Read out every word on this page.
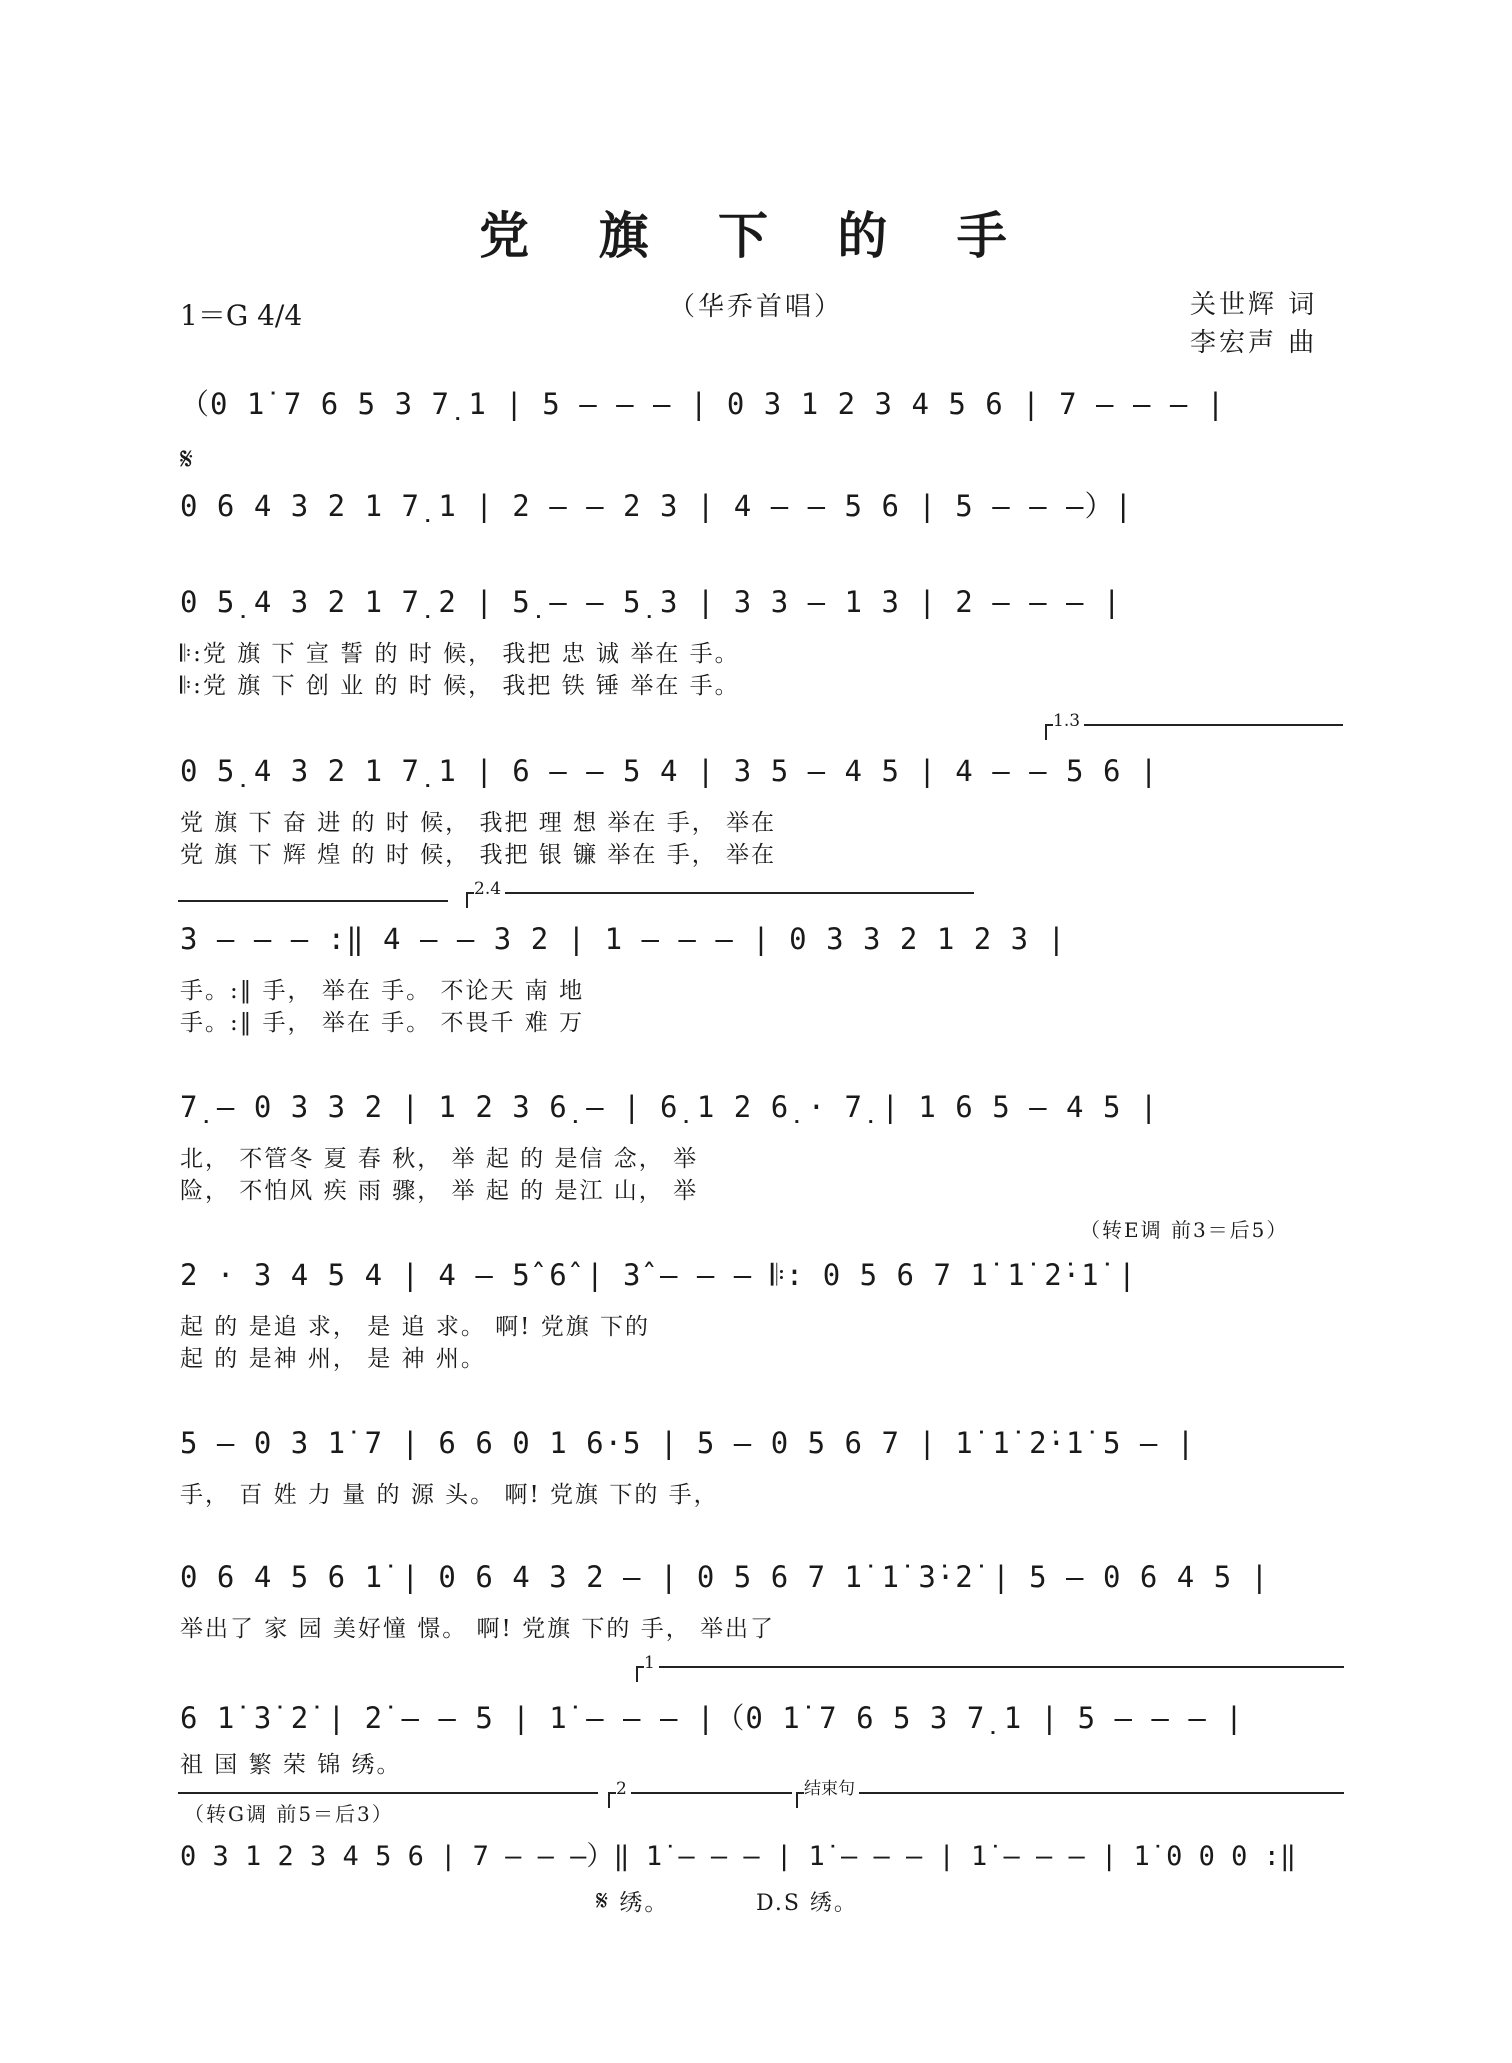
党 旗 下 的 手
（华乔首唱）
1＝G 4/4	关世辉 词
李宏声 曲
（0 1̇ 7 6 5 3 7̣ 1 | 5 — — — | 0 3 1 2 3 4 5 6 | 7 — — — |
𝄋
0 6 4 3 2 1 7̣ 1 | 2 — — 2 3 | 4 — — 5 6 | 5 — — —）|
0 5̣ 4 3 2 1 7̣ 2 | 5̣ — — 5̣ 3 | 3 3 — 1 3 | 2 — — — |
𝄆:党 旗 下 宣 誓 的 时 候， 我把 忠 诚 举在 手。
𝄆:党 旗 下 创 业 的 时 候， 我把 铁 锤 举在 手。
1.3
0 5̣ 4 3 2 1 7̣ 1 | 6 — — 5 4 | 3 5 — 4 5 | 4 — — 5 6 |
党 旗 下 奋 进 的 时 候， 我把 理 想 举在 手， 举在
党 旗 下 辉 煌 的 时 候， 我把 银 镰 举在 手， 举在
2.4
3 — — — :‖ 4 — — 3 2 | 1 — — — | 0 3 3 2 1 2 3 |
手。:‖ 手， 举在 手。 不论天 南 地
手。:‖ 手， 举在 手。 不畏千 难 万
7̣ — 0 3 3 2 | 1 2 3 6̣ — | 6̣ 1 2 6̣ · 7̣ | 1 6 5 — 4 5 |
北， 不管冬 夏 春 秋， 举 起 的 是信 念， 举
险， 不怕风 疾 雨 骤， 举 起 的 是江 山， 举
（转E调 前3＝后5）
2 · 3 4 5 4 | 4 — 5̂ 6̂ | 3̂ — — — 𝄆: 0 5 6 7 1̇ 1̇ 2̇·1̇ |
起 的 是追 求， 是 追 求。 啊! 党旗 下的
起 的 是神 州， 是 神 州。
5 — 0 3 1̇ 7 | 6 6 0 1 6·5 | 5 — 0 5 6 7 | 1̇ 1̇ 2̇·1̇ 5 — |
手， 百 姓 力 量 的 源 头。 啊! 党旗 下的 手，
0 6 4 5 6 1̇ | 0 6 4 3 2 — | 0 5 6 7 1̇ 1̇ 3̇·2̇ | 5 — 0 6 4 5 |
举出了 家 园 美好憧 憬。 啊! 党旗 下的 手， 举出了
1
6 1̇ 3̇ 2̇ | 2̇ — — 5 | 1̇ — — — |（0 1̇ 7 6 5 3 7̣ 1 | 5 — — — |
祖 国 繁 荣 锦 绣。
（转G调 前5＝后3）
2	结束句
0 3 1 2 3 4 5 6 | 7 — — —）‖ 1̇ — — — | 1̇ — — — | 1̇ — — — | 1̇ 0 0 0 :‖
𝄋 绣。	D.S 绣。
